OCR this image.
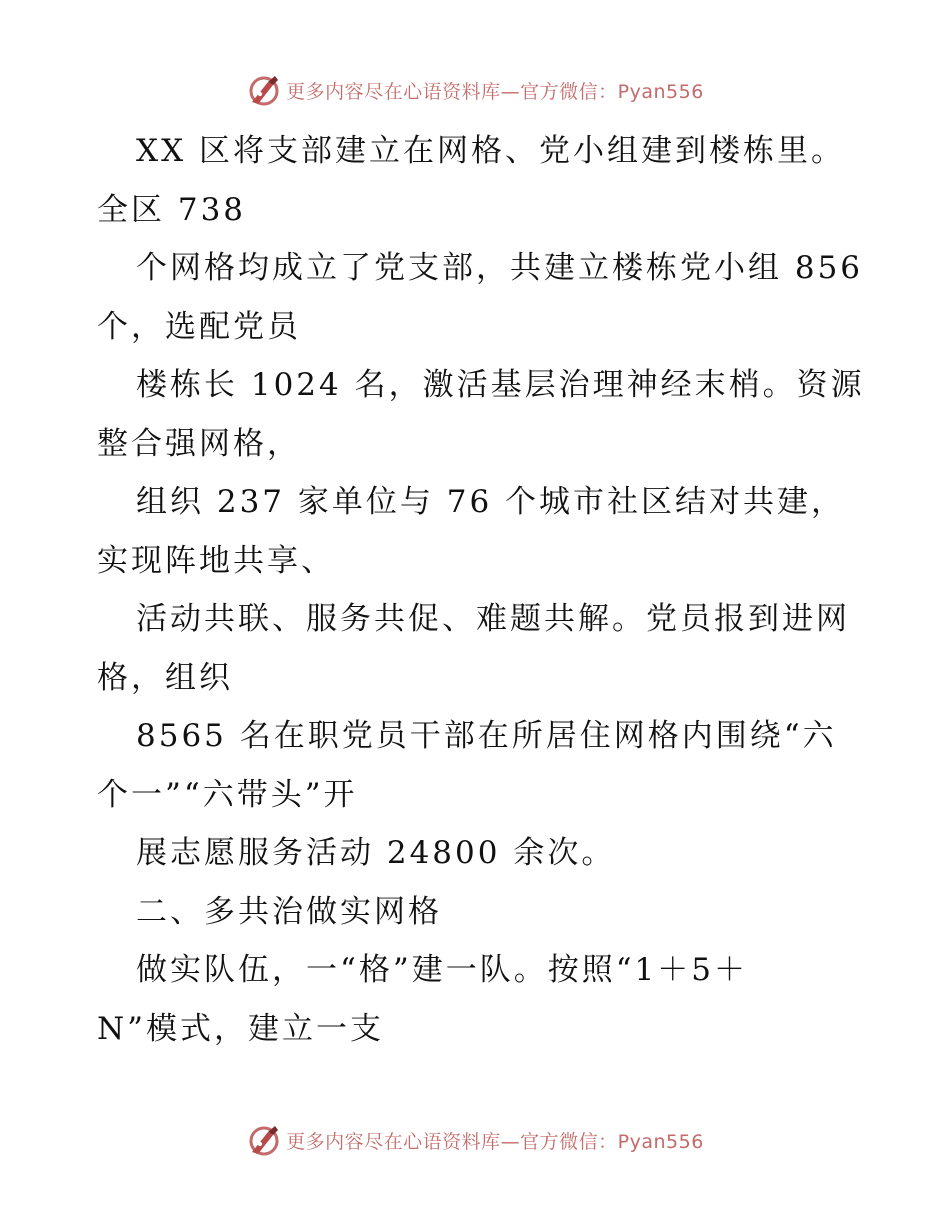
更多内容尽在心语资料库—官方微信：Pyan556
XX 区将支部建立在网格、党小组建到楼栋里。
全区 738
个网格均成立了党支部，共建立楼栋党小组 856
个，选配党员
楼栋长 1024 名，激活基层治理神经末梢。资源
整合强网格，
组织 237 家单位与 76 个城市社区结对共建，
实现阵地共享、
活动共联、服务共促、难题共解。党员报到进网
格，组织
8565 名在职党员干部在所居住网格内围绕“六
个一”“六带头”开
展志愿服务活动 24800 余次。
二、多共治做实网格
做实队伍，一“格”建一队。按照“1＋5＋
N”模式，建立一支
更多内容尽在心语资料库—官方微信：Pyan556
